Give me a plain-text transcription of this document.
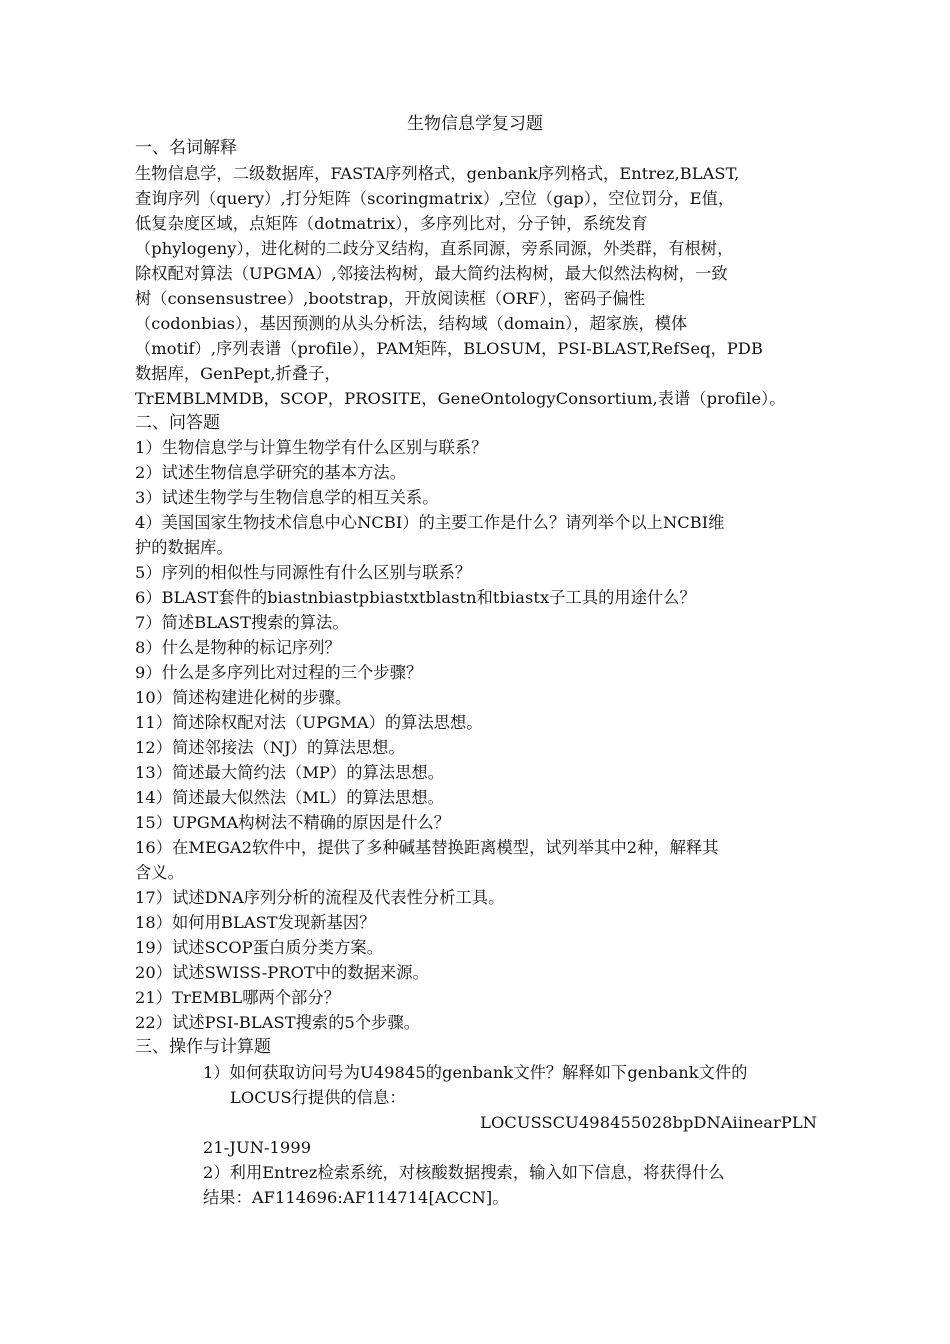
生物信息学复习题
一、名词解释
生物信息学，二级数据库，FASTA序列格式，genbank序列格式，Entrez,BLAST,
查询序列（query）,打分矩阵（scoringmatrix）,空位（gap），空位罚分，E值，
低复杂度区域，点矩阵（dotmatrix），多序列比对，分子钟，系统发育
（phylogeny），进化树的二歧分叉结构，直系同源，旁系同源，外类群，有根树，
除权配对算法（UPGMA）,邻接法构树，最大简约法构树，最大似然法构树，一致
树（consensustree）,bootstrap，开放阅读框（ORF），密码子偏性
（codonbias），基因预测的从头分析法，结构域（domain），超家族，模体
（motif）,序列表谱（profile），PAM矩阵，BLOSUM，PSI-BLAST,RefSeq，PDB
数据库，GenPept,折叠子，
TrEMBLMMDB，SCOP，PROSITE，GeneOntologyConsortium,表谱（profile）。
二、问答题
1）生物信息学与计算生物学有什么区别与联系？
2）试述生物信息学研究的基本方法。
3）试述生物学与生物信息学的相互关系。
4）美国国家生物技术信息中心NCBI）的主要工作是什么？请列举个以上NCBI维
护的数据库。
5）序列的相似性与同源性有什么区别与联系？
6）BLAST套件的biastnbiastpbiastxtblastn和tbiastx子工具的用途什么？
7）简述BLAST搜索的算法。
8）什么是物种的标记序列？
9）什么是多序列比对过程的三个步骤？
10）简述构建进化树的步骤。
11）简述除权配对法（UPGMA）的算法思想。
12）简述邻接法（NJ）的算法思想。
13）简述最大简约法（MP）的算法思想。
14）简述最大似然法（ML）的算法思想。
15）UPGMA构树法不精确的原因是什么？
16）在MEGA2软件中，提供了多种碱基替换距离模型，试列举其中2种，解释其
含义。
17）试述DNA序列分析的流程及代表性分析工具。
18）如何用BLAST发现新基因？
19）试述SCOP蛋白质分类方案。
20）试述SWISS-PROT中的数据来源。
21）TrEMBL哪两个部分？
22）试述PSI-BLAST搜索的5个步骤。
三、操作与计算题
1）如何获取访问号为U49845的genbank文件？解释如下genbank文件的
LOCUS行提供的信息：
LOCUSSCU498455028bpDNAiinearPLN
21-JUN-1999
2）利用Entrez检索系统，对核酸数据搜索，输入如下信息，将获得什么
结果：AF114696:AF114714[ACCN]。
